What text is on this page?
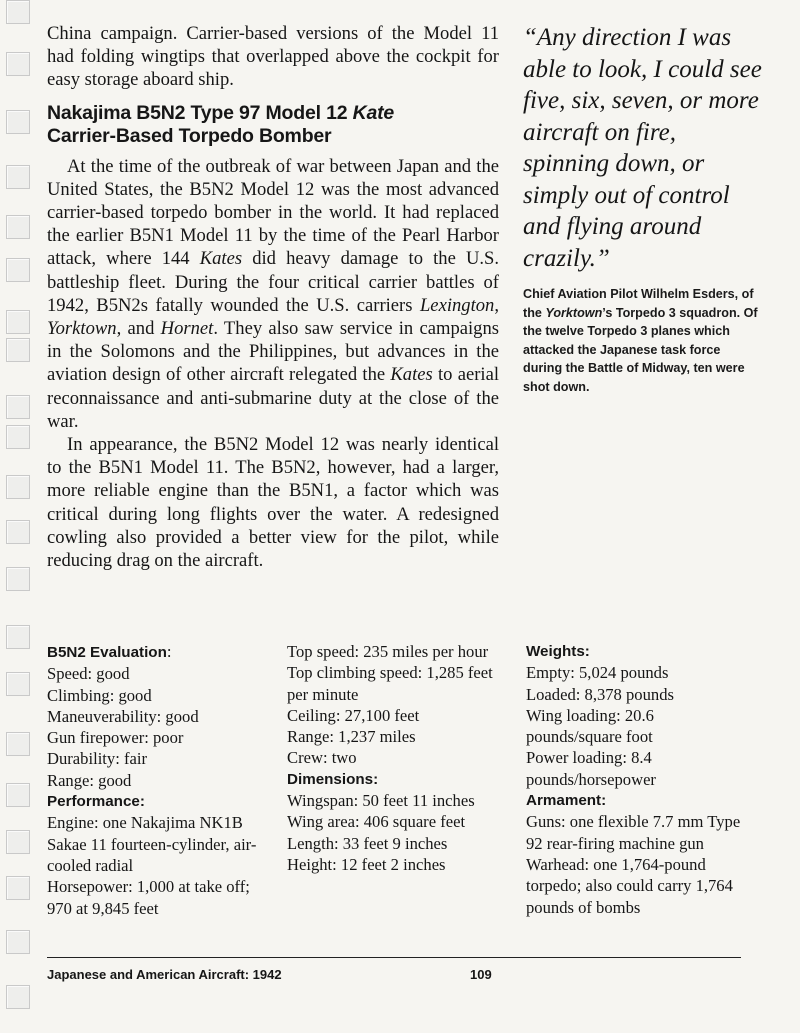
China campaign. Carrier-based versions of the Model 11 had folding wingtips that overlapped above the cockpit for easy storage aboard ship.

Nakajima B5N2 Type 97 Model 12 Kate
Carrier-Based Torpedo Bomber

At the time of the outbreak of war between Japan and the United States, the B5N2 Model 12 was the most advanced carrier-based torpedo bomber in the world. It had replaced the earlier B5N1 Model 11 by the time of the Pearl Harbor attack, where 144 Kates did heavy damage to the U.S. battleship fleet. During the four critical carrier battles of 1942, B5N2s fatally wounded the U.S. carriers Lexington, Yorktown, and Hornet. They also saw service in campaigns in the Solomons and the Philippines, but advances in the aviation design of other aircraft relegated the Kates to aerial reconnaissance and anti-submarine duty at the close of the war.

In appearance, the B5N2 Model 12 was nearly identical to the B5N1 Model 11. The B5N2, however, had a larger, more reliable engine than the B5N1, a factor which was critical during long flights over the water. A redesigned cowling also provided a better view for the pilot, while reducing drag on the aircraft.

“Any direction I was able to look, I could see five, six, seven, or more aircraft on fire, spinning down, or simply out of control and flying around crazily.”

Chief Aviation Pilot Wilhelm Esders, of the Yorktown’s Torpedo 3 squadron. Of the twelve Torpedo 3 planes which attacked the Japanese task force during the Battle of Midway, ten were shot down.

B5N2 Evaluation:
Speed: good
Climbing: good
Maneuverability: good
Gun firepower: poor
Durability: fair
Range: good
Performance:
Engine: one Nakajima NK1B Sakae 11 fourteen-cylinder, air-cooled radial
Horsepower: 1,000 at take off; 970 at 9,845 feet
Top speed: 235 miles per hour
Top climbing speed: 1,285 feet per minute
Ceiling: 27,100 feet
Range: 1,237 miles
Crew: two
Dimensions:
Wingspan: 50 feet 11 inches
Wing area: 406 square feet
Length: 33 feet 9 inches
Height: 12 feet 2 inches
Weights:
Empty: 5,024 pounds
Loaded: 8,378 pounds
Wing loading: 20.6 pounds/square foot
Power loading: 8.4 pounds/horsepower
Armament:
Guns: one flexible 7.7 mm Type 92 rear-firing machine gun
Warhead: one 1,764-pound torpedo; also could carry 1,764 pounds of bombs
Japanese and American Aircraft: 1942	109
